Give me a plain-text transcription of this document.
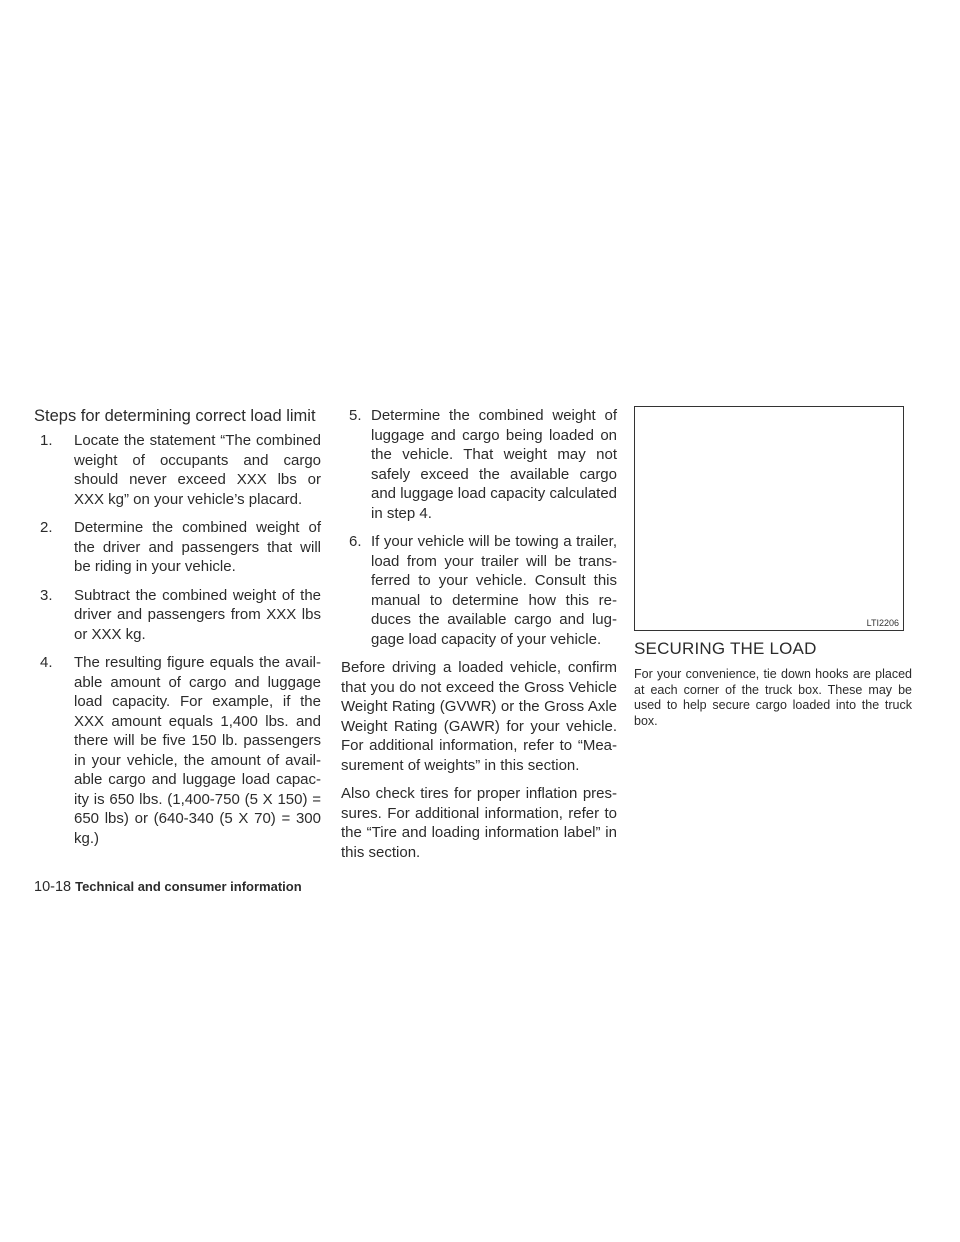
Steps for determining correct load limit
1. Locate the statement “The combined weight of occupants and cargo should never exceed XXX lbs or XXX kg” on your vehicle’s placard.
2. Determine the combined weight of the driver and passengers that will be riding in your vehicle.
3. Subtract the combined weight of the driver and passengers from XXX lbs or XXX kg.
4. The resulting figure equals the avail-able amount of cargo and luggage load capacity. For example, if the XXX amount equals 1,400 lbs. and there will be five 150 lb. passengers in your vehicle, the amount of avail-able cargo and luggage load capac-ity is 650 lbs. (1,400-750 (5 X 150) = 650 lbs) or (640-340 (5 X 70) = 300 kg.)
5. Determine the combined weight of luggage and cargo being loaded on the vehicle. That weight may not safely exceed the available cargo and luggage load capacity calculated in step 4.
6. If your vehicle will be towing a trailer, load from your trailer will be trans-ferred to your vehicle. Consult this manual to determine how this re-duces the available cargo and lug-gage load capacity of your vehicle.

Before driving a loaded vehicle, confirm that you do not exceed the Gross Vehicle Weight Rating (GVWR) or the Gross Axle Weight Rating (GAWR) for your vehicle. For additional information, refer to “Mea-surement of weights” in this section.

Also check tires for proper inflation pres-sures. For additional information, refer to the “Tire and loading information label” in this section.

LTI2206
SECURING THE LOAD

For your convenience, tie down hooks are placed at each corner of the truck box. These may be used to help secure cargo loaded into the truck box.

10-18 Technical and consumer information
